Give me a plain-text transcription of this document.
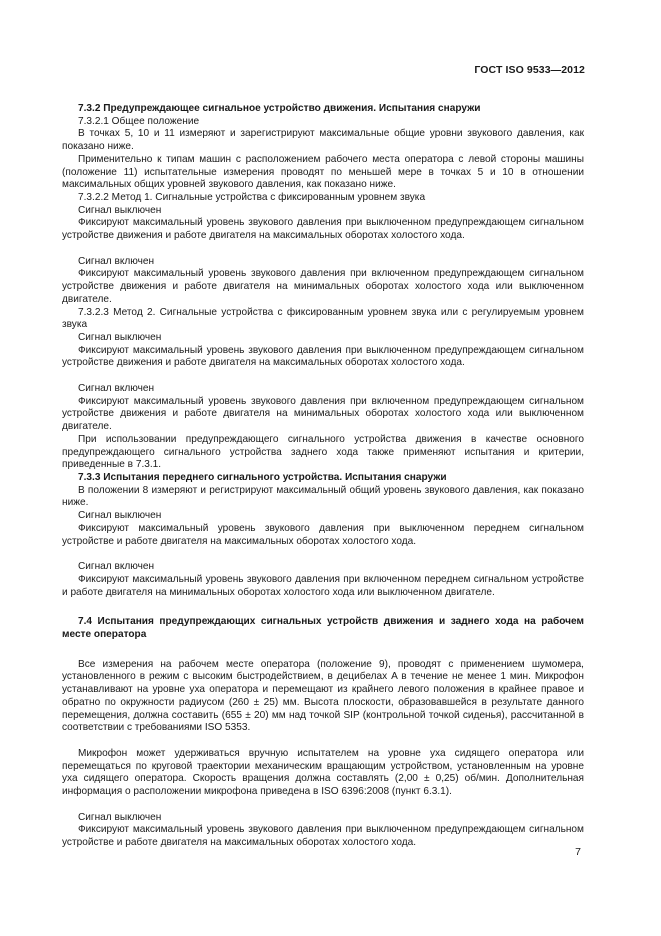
ГОСТ ISO 9533—2012

7.3.2 Предупреждающее сигнальное устройство движения. Испытания снаружи

7.3.2.1 Общее положение

В точках 5, 10 и 11 измеряют и зарегистрируют максимальные общие уровни звукового давления, как показано ниже.

Применительно к типам машин с расположением рабочего места оператора с левой стороны машины (положение 11) испытательные измерения проводят по меньшей мере в точках 5 и 10 в отношении максимальных общих уровней звукового давления, как показано ниже.

7.3.2.2 Метод 1. Сигнальные устройства с фиксированным уровнем звука

Сигнал выключен

Фиксируют максимальный уровень звукового давления при выключенном предупреждающем сигнальном устройстве движения и работе двигателя на максимальных оборотах холостого хода.

Сигнал включен

Фиксируют максимальный уровень звукового давления при включенном предупреждающем сигнальном устройстве движения и работе двигателя на минимальных оборотах холостого хода или выключенном двигателе.

7.3.2.3 Метод 2. Сигнальные устройства с фиксированным уровнем звука или с регулируемым уровнем звука

Сигнал выключен

Фиксируют максимальный уровень звукового давления при выключенном предупреждающем сигнальном устройстве движения и работе двигателя на максимальных оборотах холостого хода.

Сигнал включен

Фиксируют максимальный уровень звукового давления при включенном предупреждающем сигнальном устройстве движения и работе двигателя на минимальных оборотах холостого хода или выключенном двигателе.

При использовании предупреждающего сигнального устройства движения в качестве основного предупреждающего сигнального устройства заднего хода также применяют испытания и критерии, приведенные в 7.3.1.

7.3.3 Испытания переднего сигнального устройства. Испытания снаружи

В положении 8 измеряют и регистрируют максимальный общий уровень звукового давления, как показано ниже.

Сигнал выключен

Фиксируют максимальный уровень звукового давления при выключенном переднем сигнальном устройстве и работе двигателя на максимальных оборотах холостого хода.

Сигнал включен

Фиксируют максимальный уровень звукового давления при включенном переднем сигнальном устройстве и работе двигателя на минимальных оборотах холостого хода или выключенном двигателе.

7.4 Испытания предупреждающих сигнальных устройств движения и заднего хода на рабочем месте оператора

Все измерения на рабочем месте оператора (положение 9), проводят с применением шумомера, установленного в режим с высоким быстродействием, в децибелах A в течение не менее 1 мин. Микрофон устанавливают на уровне уха оператора и перемещают из крайнего левого положения в крайнее правое и обратно по окружности радиусом (260 ± 25) мм. Высота плоскости, образовавшейся в результате данного перемещения, должна составить (655 ± 20) мм над точкой SIP (контрольной точкой сиденья), рассчитанной в соответствии с требованиями ISO 5353.

Микрофон может удерживаться вручную испытателем на уровне уха сидящего оператора или перемещаться по круговой траектории механическим вращающим устройством, установленным на уровне уха сидящего оператора. Скорость вращения должна составлять (2,00 ± 0,25) об/мин. Дополнительная информация о расположении микрофона приведена в ISO 6396:2008 (пункт 6.3.1).

Сигнал выключен

Фиксируют максимальный уровень звукового давления при выключенном предупреждающем сигнальном устройстве и работе двигателя на максимальных оборотах холостого хода.

7
